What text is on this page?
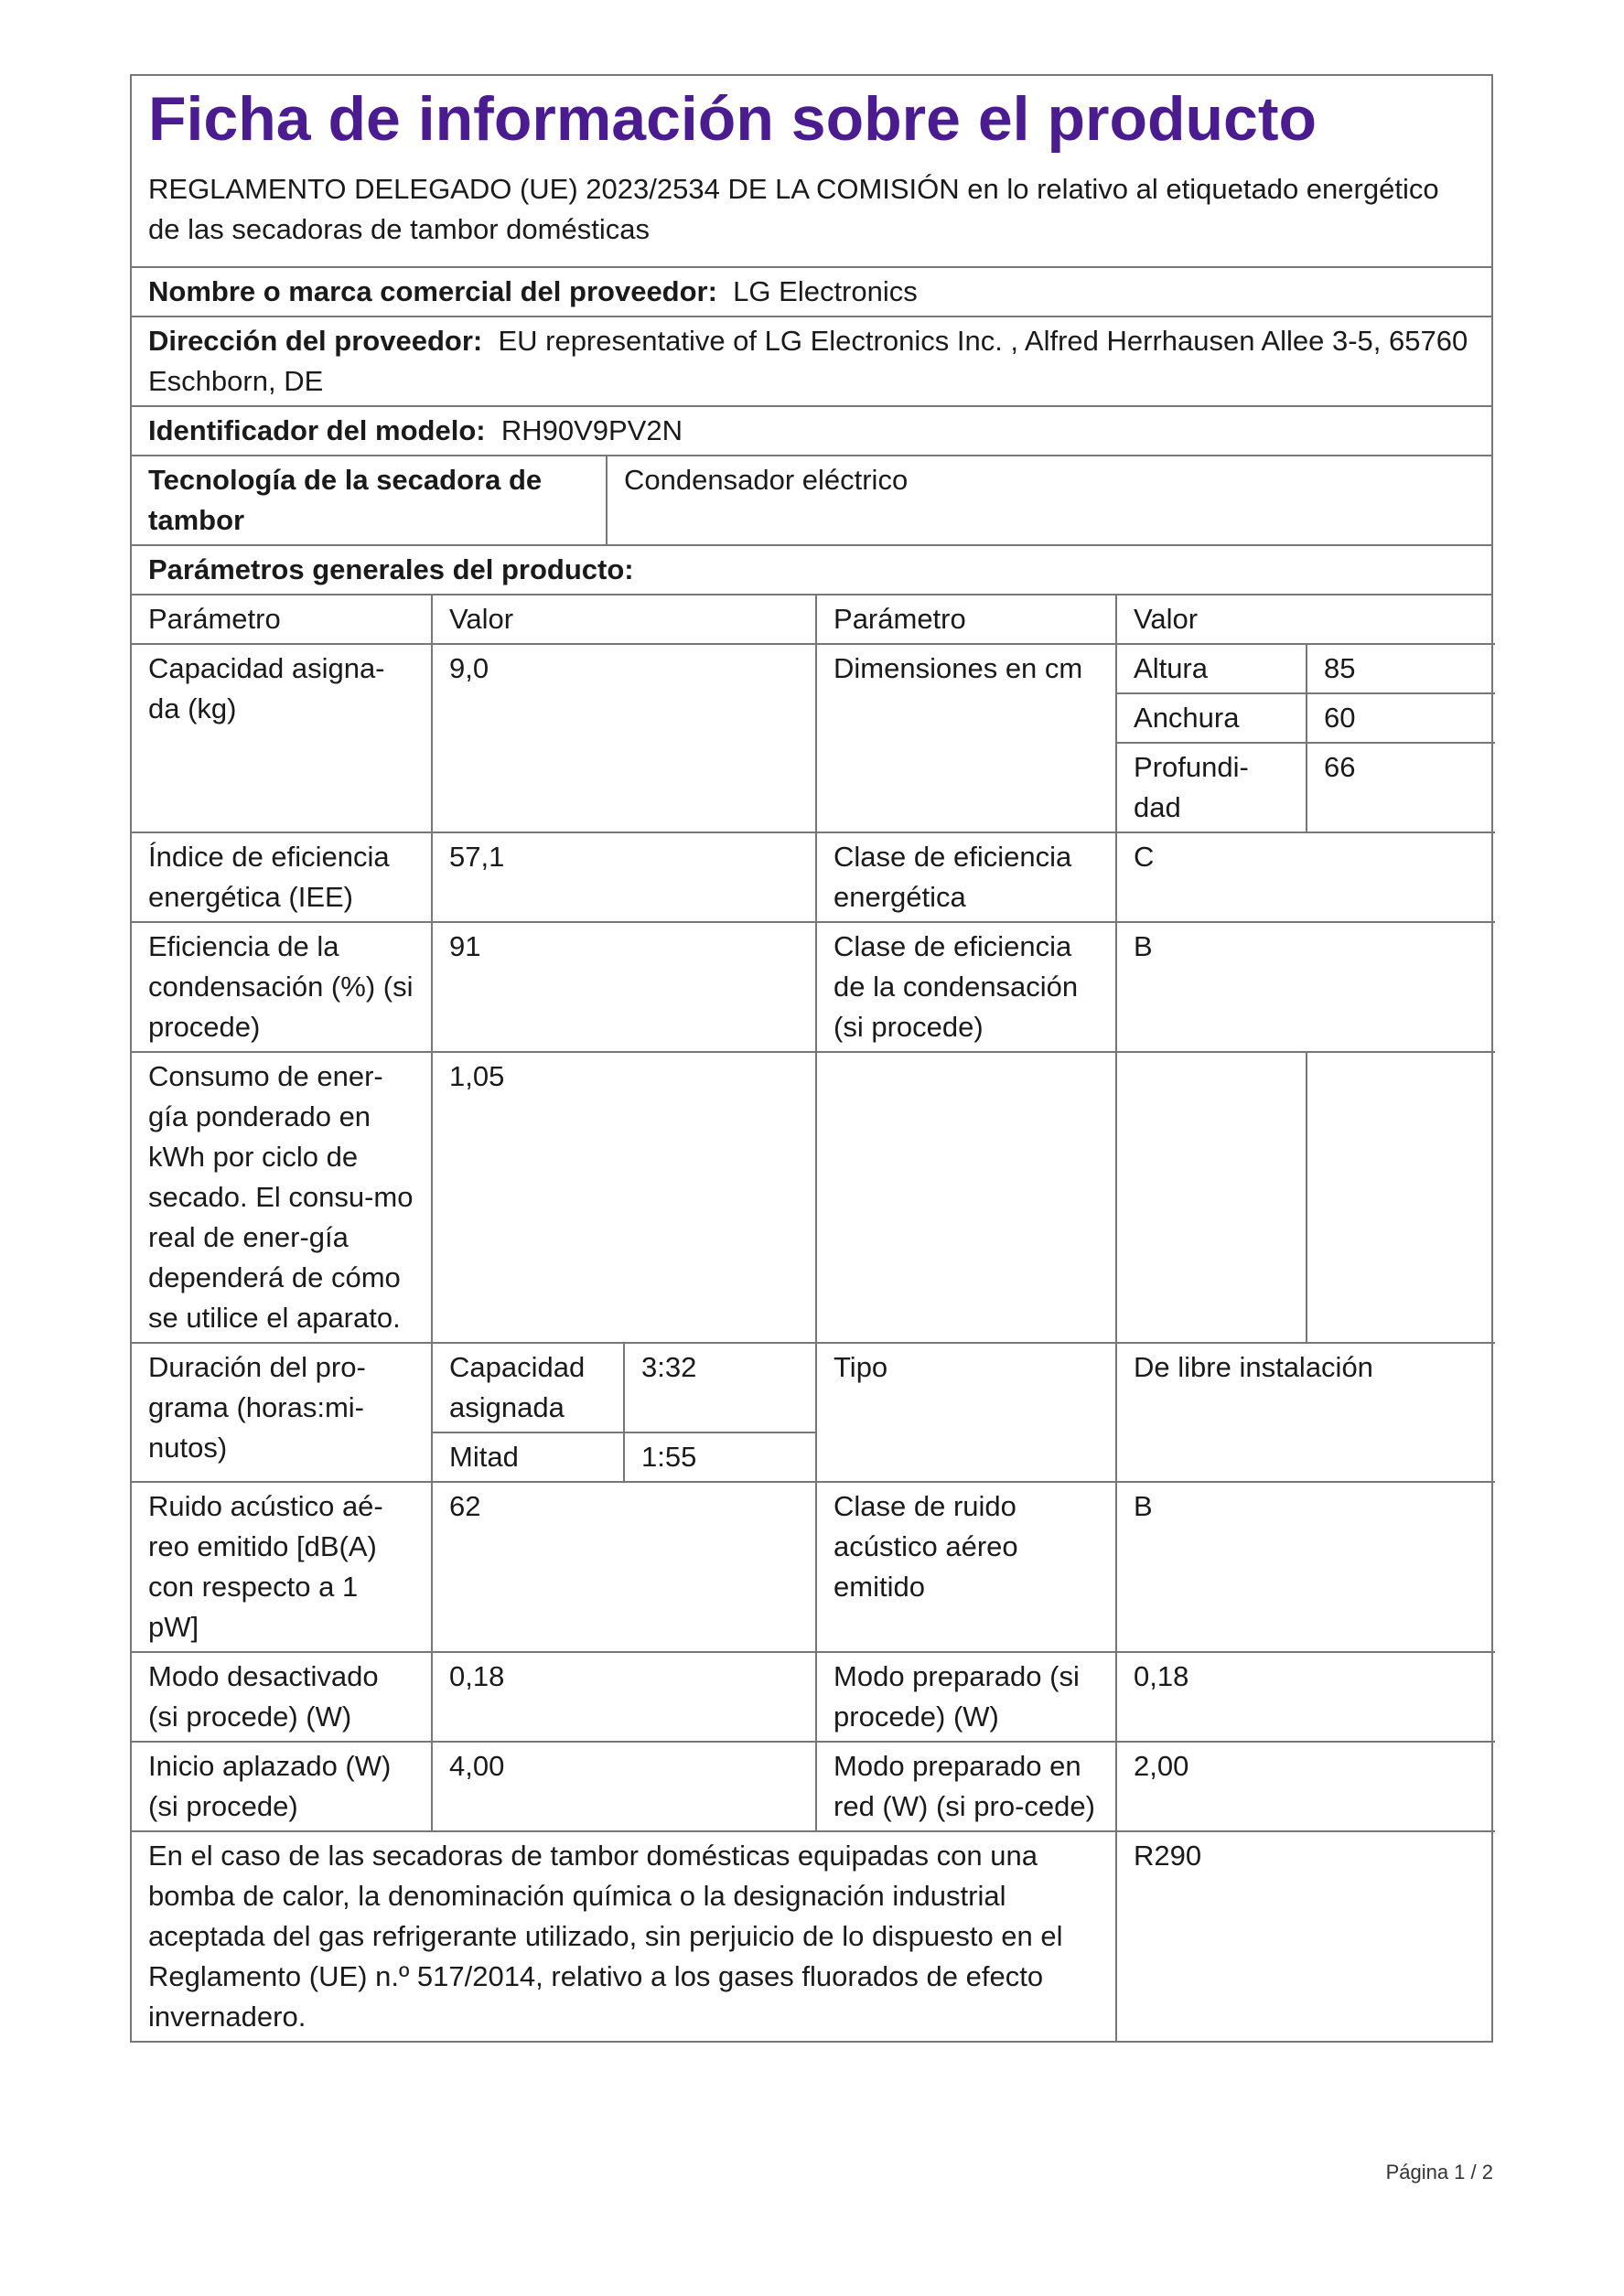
Ficha de información sobre el producto
REGLAMENTO DELEGADO (UE) 2023/2534 DE LA COMISIÓN en lo relativo al etiquetado energético de las secadoras de tambor domésticas
Nombre o marca comercial del proveedor: LG Electronics
Dirección del proveedor: EU representative of LG Electronics Inc. , Alfred Herrhausen Allee 3-5, 65760 Eschborn, DE
Identificador del modelo: RH90V9PV2N
Tecnología de la secadora de tambor
Condensador eléctrico
Parámetros generales del producto:
Parámetro	Valor		Parámetro	Valor	
Capacidad asigna-da (kg)	9,0		Dimensiones en cm	Altura	85
				Anchura	60
				Profundi-dad	66
Índice de eficiencia energética (IEE)	57,1		Clase de eficiencia energética	C	
Eficiencia de la condensación (%) (si procede)	91		Clase de eficiencia de la condensación (si procede)	B	
Consumo de ener-gía ponderado en kWh por ciclo de secado. El consu-mo real de ener-gía dependerá de cómo se utilice el aparato.	1,05				
Duración del pro-grama (horas:mi-nutos)	Capacidad asignada	3:32	Tipo	De libre instalación	
	Mitad	1:55			
Ruido acústico aé-reo emitido [dB(A) con respecto a 1 pW]	62		Clase de ruido acústico aéreo emitido	B	
Modo desactivado (si procede) (W)	0,18		Modo preparado (si procede) (W)	0,18	
Inicio aplazado (W) (si procede)	4,00		Modo preparado en red (W) (si pro-cede)	2,00	
En el caso de las secadoras de tambor domésticas equipadas con una bomba de calor, la denominación química o la designación industrial aceptada del gas refrigerante utilizado, sin perjuicio de lo dispuesto en el Reglamento (UE) n.º 517/2014, relativo a los gases fluorados de efecto invernadero.				R290	
Página 1 / 2
